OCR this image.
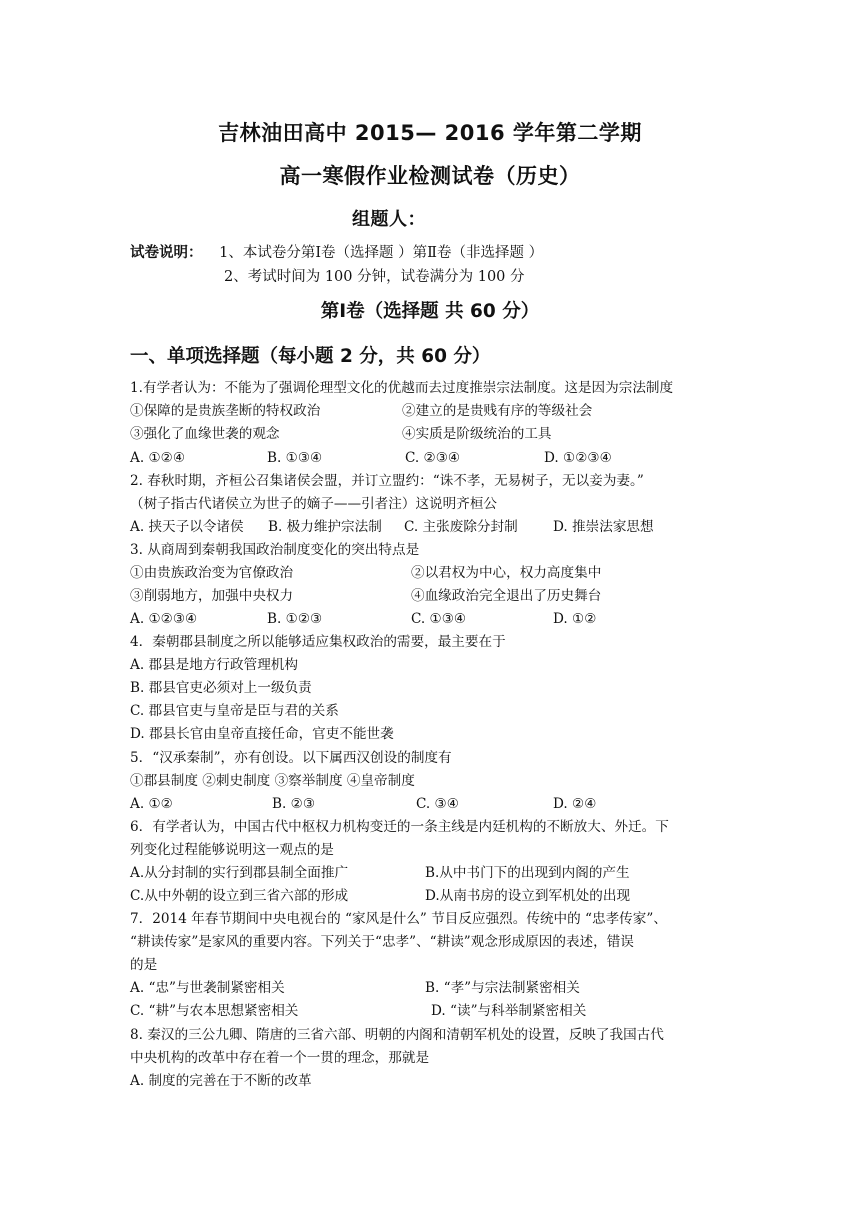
吉林油田高中 2015— 2016 学年第二学期
高一寒假作业检测试卷（历史）
组题人：
试卷说明： 1、本试卷分第Ⅰ卷（选择题 ）第Ⅱ卷（非选择题 ）
2、考试时间为 100 分钟，试卷满分为 100 分
第Ⅰ卷（选择题 共 60 分）
一、单项选择题（每小题 2 分，共 60 分）
1.有学者认为：不能为了强调伦理型文化的优越而去过度推崇宗法制度。这是因为宗法制度
①保障的是贵族垄断的特权政治	②建立的是贵贱有序的等级社会
③强化了血缘世袭的观念	④实质是阶级统治的工具
A. ①②④	B. ①③④	C. ②③④	D. ①②③④
2. 春秋时期，齐桓公召集诸侯会盟，并订立盟约：“诛不孝，无易树子，无以妾为妻。”
（树子指古代诸侯立为世子的嫡子——引者注）这说明齐桓公
A. 挟天子以令诸侯 B. 极力维护宗法制 C. 主张废除分封制	D. 推崇法家思想
3. 从商周到秦朝我国政治制度变化的突出特点是
①由贵族政治变为官僚政治	②以君权为中心，权力高度集中
③削弱地方，加强中央权力	④血缘政治完全退出了历史舞台
A. ①②③④	B. ①②③	C. ①③④	D. ①②
4．秦朝郡县制度之所以能够适应集权政治的需要，最主要在于
A. 郡县是地方行政管理机构
B. 郡县官吏必须对上一级负责
C. 郡县官吏与皇帝是臣与君的关系
D. 郡县长官由皇帝直接任命，官吏不能世袭
5．“汉承秦制”，亦有创设。以下属西汉创设的制度有
①郡县制度 ②刺史制度 ③察举制度 ④皇帝制度
A. ①②	B. ②③	C. ③④	D. ②④
6．有学者认为，中国古代中枢权力机构变迁的一条主线是内廷机构的不断放大、外迁。下
列变化过程能够说明这一观点的是
A.从分封制的实行到郡县制全面推广	B.从中书门下的出现到内阁的产生
C.从中外朝的设立到三省六部的形成	D.从南书房的设立到军机处的出现
7．2014 年春节期间中央电视台的 “家风是什么” 节目反应强烈。传统中的 “忠孝传家”、
“耕读传家”是家风的重要内容。下列关于“忠孝”、“耕读”观念形成原因的表述，错误
的是
A. “忠”与世袭制紧密相关	B. “孝”与宗法制紧密相关
C. “耕”与农本思想紧密相关	D. “读”与科举制紧密相关
8. 秦汉的三公九卿、隋唐的三省六部、明朝的内阁和清朝军机处的设置，反映了我国古代
中央机构的改革中存在着一个一贯的理念，那就是
A. 制度的完善在于不断的改革
